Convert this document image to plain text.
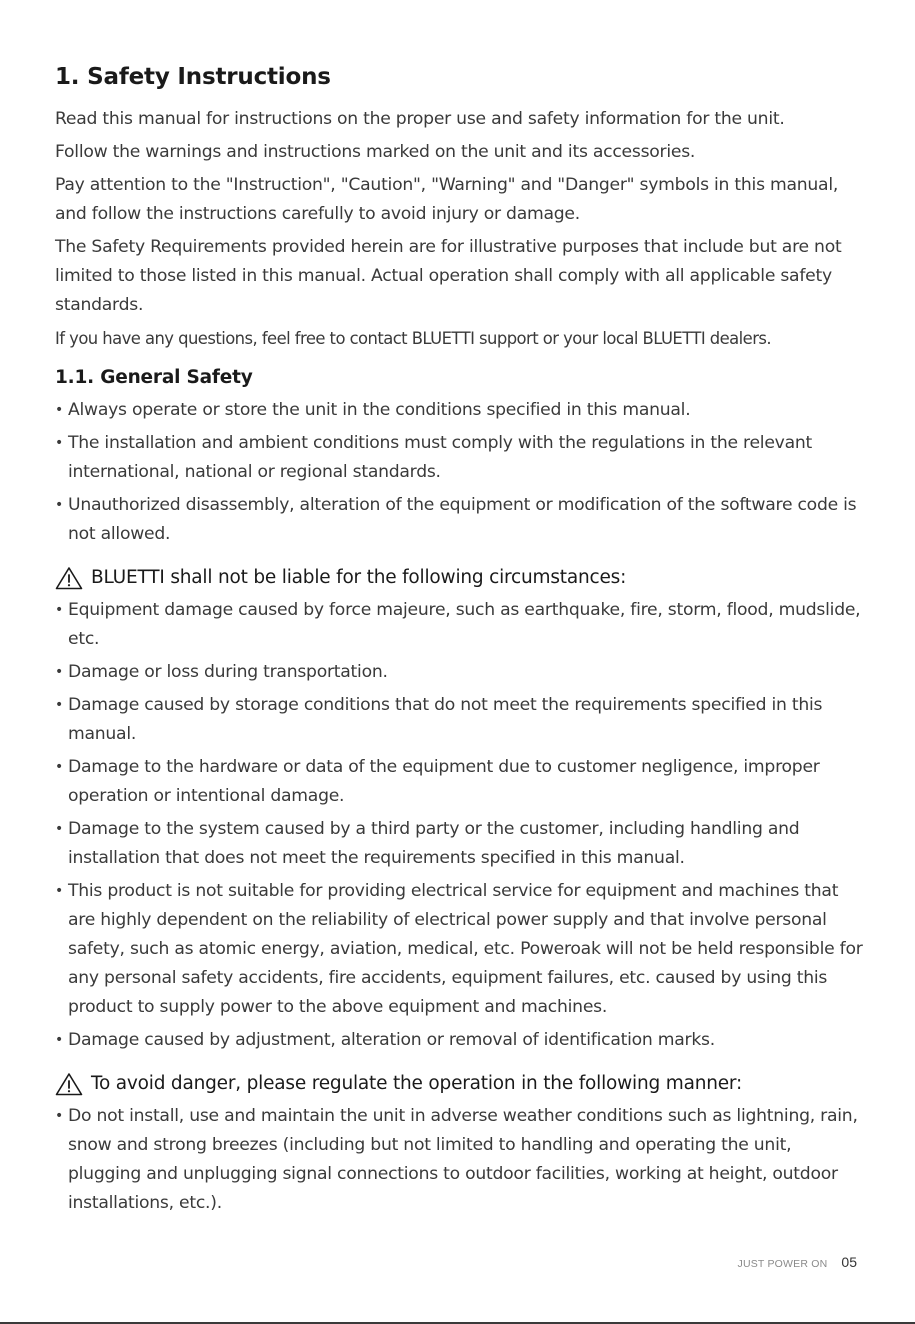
1. Safety Instructions

Read this manual for instructions on the proper use and safety information for the unit.

Follow the warnings and instructions marked on the unit and its accessories.

Pay attention to the "Instruction", "Caution", "Warning" and "Danger" symbols in this manual, and follow the instructions carefully to avoid injury or damage.

The Safety Requirements provided herein are for illustrative purposes that include but are not limited to those listed in this manual. Actual operation shall comply with all applicable safety standards.

If you have any questions, feel free to contact BLUETTI support or your local BLUETTI dealers.

1.1. General Safety
• Always operate or store the unit in the conditions specified in this manual.
• The installation and ambient conditions must comply with the regulations in the relevant international, national or regional standards.
• Unauthorized disassembly, alteration of the equipment or modification of the software code is not allowed.
BLUETTI shall not be liable for the following circumstances:
• Equipment damage caused by force majeure, such as earthquake, fire, storm, flood, mudslide, etc.
• Damage or loss during transportation.
• Damage caused by storage conditions that do not meet the requirements specified in this manual.
• Damage to the hardware or data of the equipment due to customer negligence, improper operation or intentional damage.
• Damage to the system caused by a third party or the customer, including handling and installation that does not meet the requirements specified in this manual.
• This product is not suitable for providing electrical service for equipment and machines that are highly dependent on the reliability of electrical power supply and that involve personal safety, such as atomic energy, aviation, medical, etc. Poweroak will not be held responsible for any personal safety accidents, fire accidents, equipment failures, etc. caused by using this product to supply power to the above equipment and machines.
• Damage caused by adjustment, alteration or removal of identification marks.
To avoid danger, please regulate the operation in the following manner:
• Do not install, use and maintain the unit in adverse weather conditions such as lightning, rain, snow and strong breezes (including but not limited to handling and operating the unit, plugging and unplugging signal connections to outdoor facilities, working at height, outdoor installations, etc.).
JUST POWER ON 05
